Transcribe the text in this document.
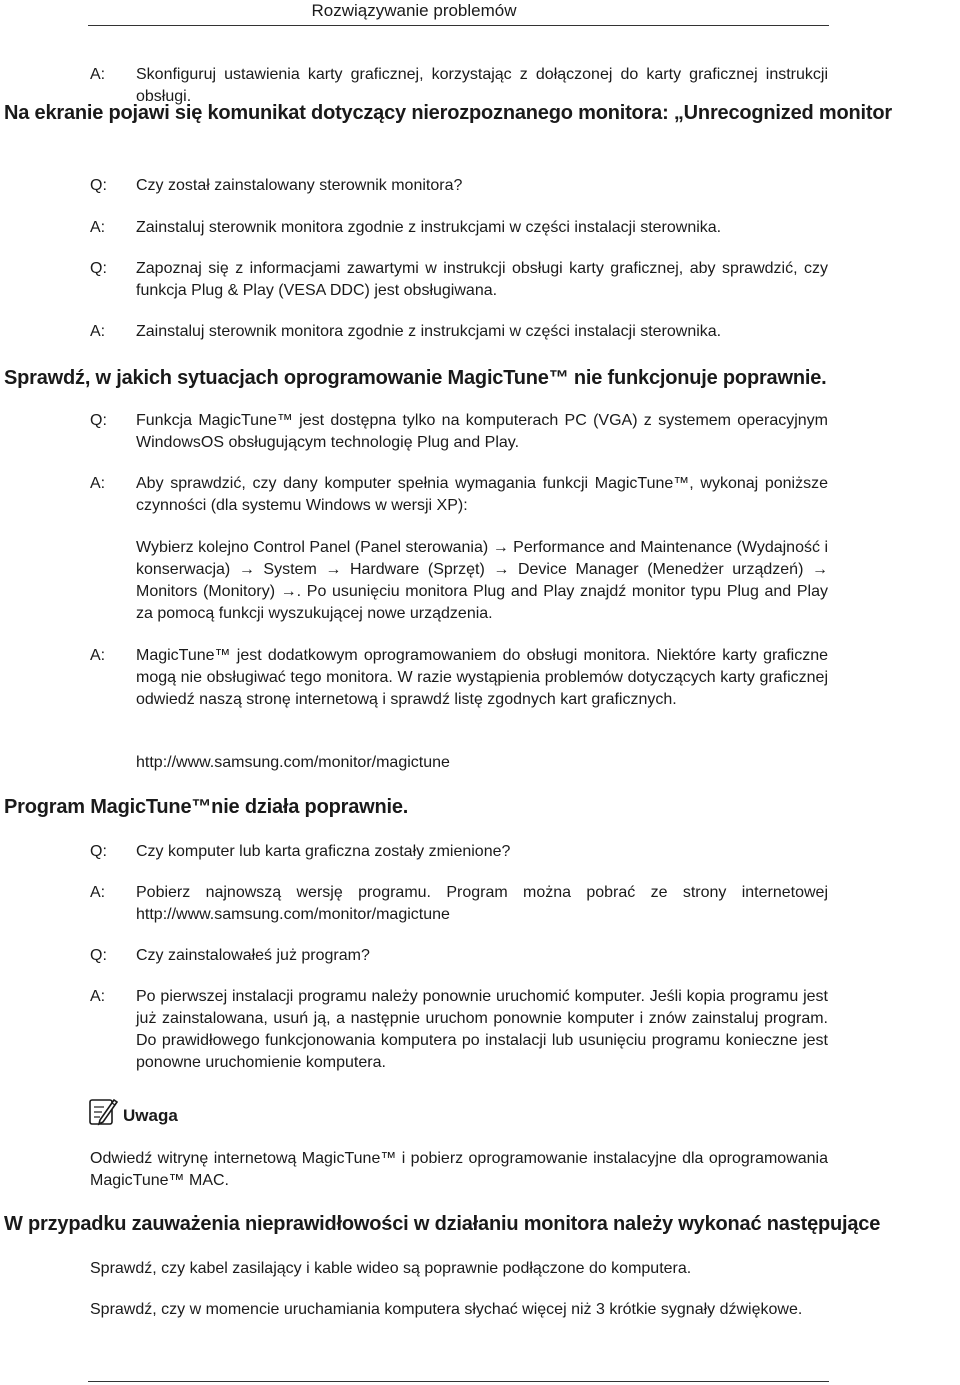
Rozwiązywanie problemów
A: Skonfiguruj ustawienia karty graficznej, korzystając z dołączonej do karty graficznej instrukcji obsługi.
Na ekranie pojawi się komunikat dotyczący nierozpoznanego monitora: „Unrecognized monitor
Q: Czy został zainstalowany sterownik monitora?
A: Zainstaluj sterownik monitora zgodnie z instrukcjami w części instalacji sterownika.
Q: Zapoznaj się z informacjami zawartymi w instrukcji obsługi karty graficznej, aby sprawdzić, czy funkcja Plug & Play (VESA DDC) jest obsługiwana.
A: Zainstaluj sterownik monitora zgodnie z instrukcjami w części instalacji sterownika.
Sprawdź, w jakich sytuacjach oprogramowanie MagicTune™ nie funkcjonuje poprawnie.
Q: Funkcja MagicTune™ jest dostępna tylko na komputerach PC (VGA) z systemem operacyjnym WindowsOS obsługującym technologię Plug and Play.
A: Aby sprawdzić, czy dany komputer spełnia wymagania funkcji MagicTune™, wykonaj poniższe czynności (dla systemu Windows w wersji XP):
Wybierz kolejno Control Panel (Panel sterowania) → Performance and Maintenance (Wydajność i konserwacja) → System → Hardware (Sprzęt) → Device Manager (Menedżer urządzeń) → Monitors (Monitory) →. Po usunięciu monitora Plug and Play znajdź monitor typu Plug and Play za pomocą funkcji wyszukującej nowe urządzenia.
A: MagicTune™ jest dodatkowym oprogramowaniem do obsługi monitora. Niektóre karty graficzne mogą nie obsługiwać tego monitora. W razie wystąpienia problemów dotyczących karty graficznej odwiedź naszą stronę internetową i sprawdź listę zgodnych kart graficznych.
http://www.samsung.com/monitor/magictune
Program MagicTune™nie działa poprawnie.
Q: Czy komputer lub karta graficzna zostały zmienione?
A: Pobierz najnowszą wersję programu. Program można pobrać ze strony internetowej http://www.samsung.com/monitor/magictune
Q: Czy zainstalowałeś już program?
A: Po pierwszej instalacji programu należy ponownie uruchomić komputer. Jeśli kopia programu jest już zainstalowana, usuń ją, a następnie uruchom ponownie komputer i znów zainstaluj program. Do prawidłowego funkcjonowania komputera po instalacji lub usunięciu programu konieczne jest ponowne uruchomienie komputera.
Uwaga
Odwiedź witrynę internetową MagicTune™ i pobierz oprogramowanie instalacyjne dla oprogramowania MagicTune™ MAC.
W przypadku zauważenia nieprawidłowości w działaniu monitora należy wykonać następujące
Sprawdź, czy kabel zasilający i kable wideo są poprawnie podłączone do komputera.
Sprawdź, czy w momencie uruchamiania komputera słychać więcej niż 3 krótkie sygnały dźwiękowe.
